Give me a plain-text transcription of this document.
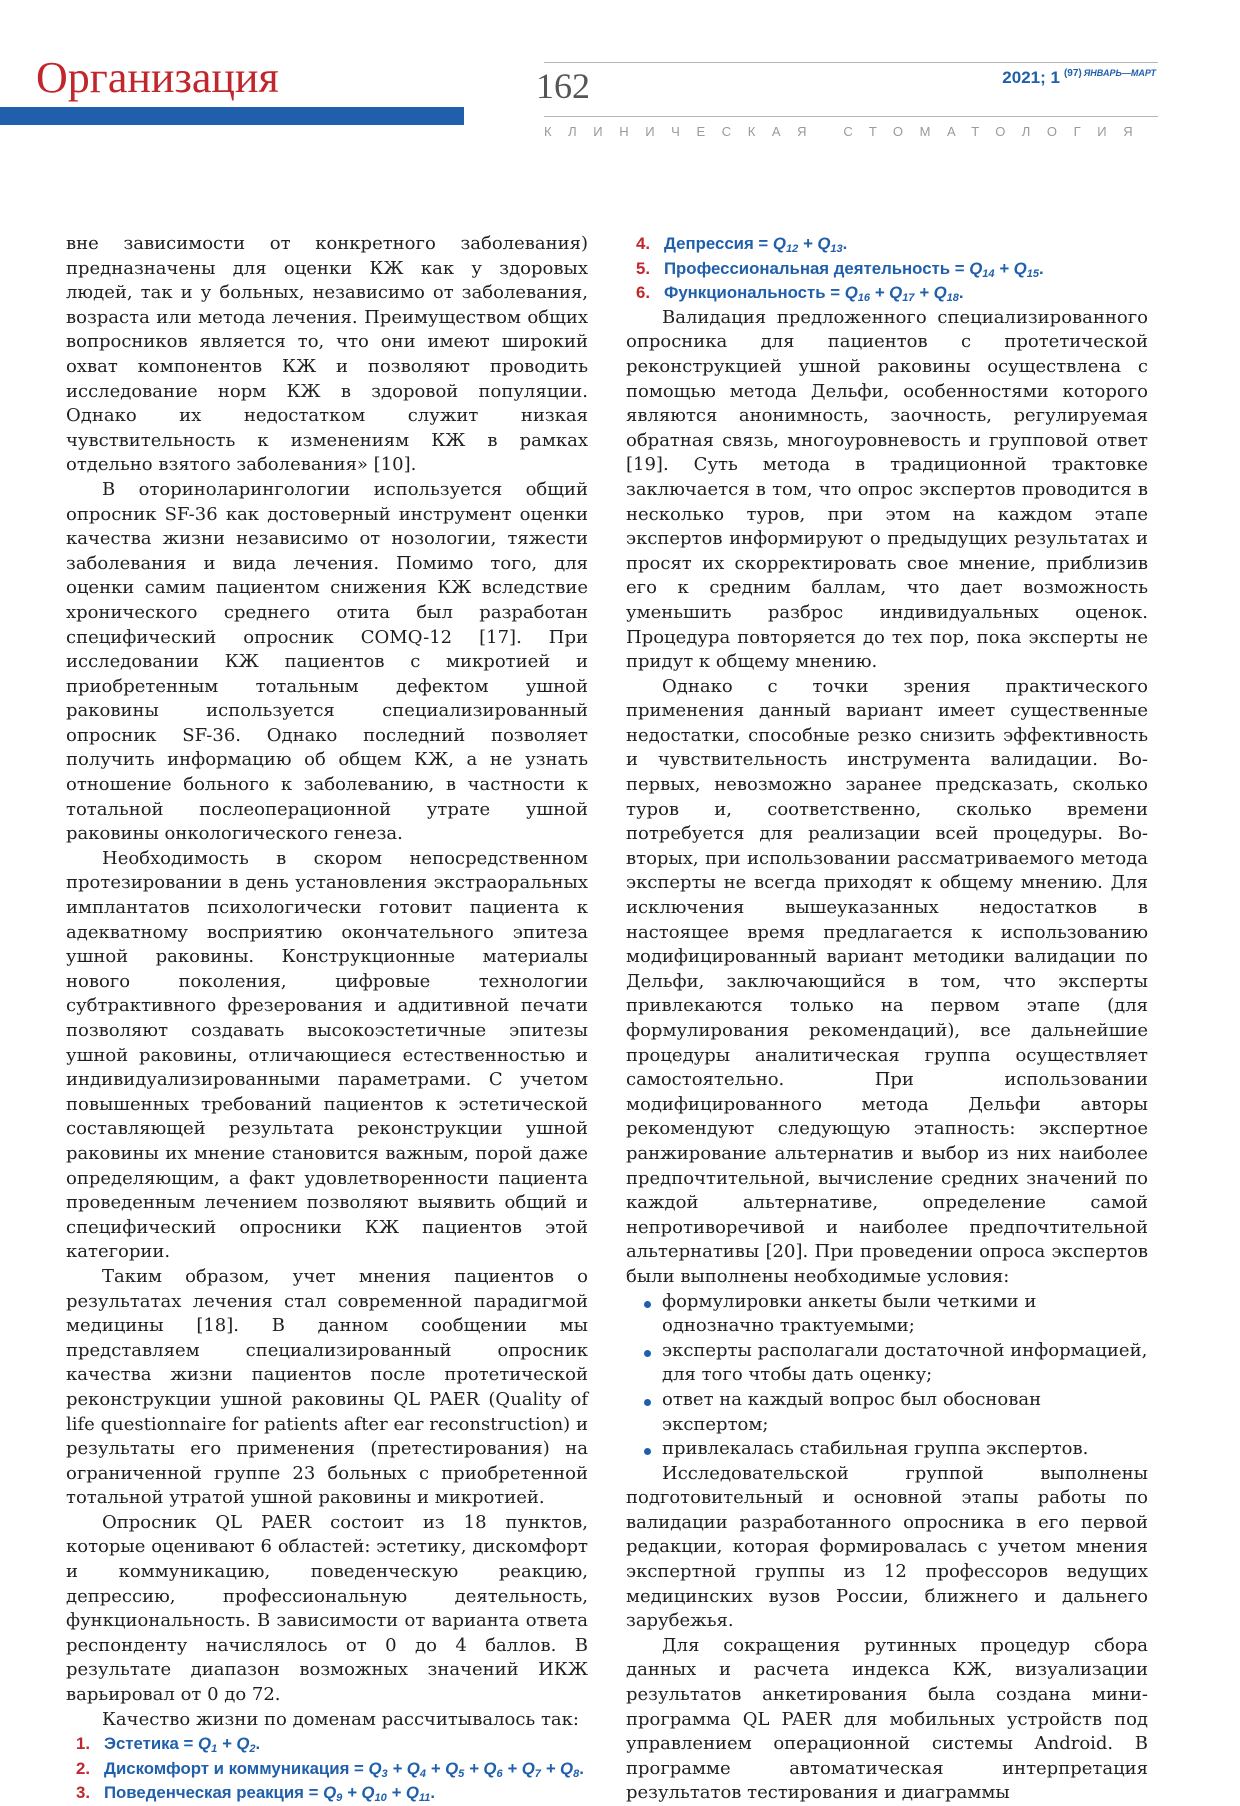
Организация	162	2021; 1 $^{(97)}$ $^{ЯНВАРЬ—МАРТ}$
КЛИНИЧЕСКАЯ СТОМАТОЛОГИЯ

вне зависимости от конкретного заболевания) предназначены для оценки КЖ как у здоровых людей, так и у больных, независимо от заболевания, возраста или метода лечения. Преимуществом общих вопросников является то, что они имеют широкий охват компонентов КЖ и позволяют проводить исследование норм КЖ в здоровой популяции. Однако их недостатком служит низкая чувствительность к изменениям КЖ в рамках отдельно взятого заболевания» [10].

В оториноларингологии используется общий опросник SF-36 как достоверный инструмент оценки качества жизни независимо от нозологии, тяжести заболевания и вида лечения. Помимо того, для оценки самим пациентом снижения КЖ вследствие хронического среднего отита был разработан специфический опросник COMQ-12 [17]. При исследовании КЖ пациентов с микротией и приобретенным тотальным дефектом ушной раковины используется специализированный опросник SF-36. Однако последний позволяет получить информацию об общем КЖ, а не узнать отношение больного к заболеванию, в частности к тотальной послеоперационной утрате ушной раковины онкологического генеза.

Необходимость в скором непосредственном протезировании в день установления экстраоральных имплантатов психологически готовит пациента к адекватному восприятию окончательного эпитеза ушной раковины. Конструкционные материалы нового поколения, цифровые технологии субтрактивного фрезерования и аддитивной печати позволяют создавать высокоэстетичные эпитезы ушной раковины, отличающиеся естественностью и индивидуализированными параметрами. С учетом повышенных требований пациентов к эстетической составляющей результата реконструкции ушной раковины их мнение становится важным, порой даже определяющим, а факт удовлетворенности пациента проведенным лечением позволяют выявить общий и специфический опросники КЖ пациентов этой категории.

Таким образом, учет мнения пациентов о результатах лечения стал современной парадигмой медицины [18]. В данном сообщении мы представляем специализированный опросник качества жизни пациентов после протетической реконструкции ушной раковины QL PAER (Quality of life questionnaire for patients after ear reconstruction) и результаты его применения (претестирования) на ограниченной группе 23 больных с приобретенной тотальной утратой ушной раковины и микротией.

Опросник QL PAER состоит из 18 пунктов, которые оценивают 6 областей: эстетику, дискомфорт и коммуникацию, поведенческую реакцию, депрессию, профессиональную деятельность, функциональность. В зависимости от варианта ответа респонденту начислялось от 0 до 4 баллов. В результате диапазон возможных значений ИКЖ варьировал от 0 до 72.

Качество жизни по доменам рассчитывалось так:

1. Эстетика = $Q_1 + Q_2$.
2. Дискомфорт и коммуникация = $Q_3 + Q_4 + Q_5 + Q_6 + Q_7 + Q_8$.
3. Поведенческая реакция = $Q_9 + Q_{10} + Q_{11}$.
4. Депрессия = $Q_{12} + Q_{13}$.
5. Профессиональная деятельность = $Q_{14} + Q_{15}$.
6. Функциональность = $Q_{16} + Q_{17} + Q_{18}$.

Валидация предложенного специализированного опросника для пациентов с протетической реконструкцией ушной раковины осуществлена с помощью метода Дельфи, особенностями которого являются анонимность, заочность, регулируемая обратная связь, многоуровневость и групповой ответ [19]. Суть метода в традиционной трактовке заключается в том, что опрос экспертов проводится в несколько туров, при этом на каждом этапе экспертов информируют о предыдущих результатах и просят их скорректировать свое мнение, приблизив его к средним баллам, что дает возможность уменьшить разброс индивидуальных оценок. Процедура повторяется до тех пор, пока эксперты не придут к общему мнению.

Однако с точки зрения практического применения данный вариант имеет существенные недостатки, способные резко снизить эффективность и чувствительность инструмента валидации. Во-первых, невозможно заранее предсказать, сколько туров и, соответственно, сколько времени потребуется для реализации всей процедуры. Во-вторых, при использовании рассматриваемого метода эксперты не всегда приходят к общему мнению. Для исключения вышеуказанных недостатков в настоящее время предлагается к использованию модифицированный вариант методики валидации по Дельфи, заключающийся в том, что эксперты привлекаются только на первом этапе (для формулирования рекомендаций), все дальнейшие процедуры аналитическая группа осуществляет самостоятельно. При использовании модифицированного метода Дельфи авторы рекомендуют следующую этапность: экспертное ранжирование альтернатив и выбор из них наиболее предпочтительной, вычисление средних значений по каждой альтернативе, определение самой непротиворечивой и наиболее предпочтительной альтернативы [20]. При проведении опроса экспертов были выполнены необходимые условия:

формулировки анкеты были четкими и однозначно трактуемыми;
эксперты располагали достаточной информацией, для того чтобы дать оценку;
ответ на каждый вопрос был обоснован экспертом;
привлекалась стабильная группа экспертов.

Исследовательской группой выполнены подготовительный и основной этапы работы по валидации разработанного опросника в его первой редакции, которая формировалась с учетом мнения экспертной группы из 12 профессоров ведущих медицинских вузов России, ближнего и дальнего зарубежья.

Для сокращения рутинных процедур сбора данных и расчета индекса КЖ, визуализации результатов анкетирования была создана мини-программа QL PAER для мобильных устройств под управлением операционной системы Android. В программе автоматическая интерпретация результатов тестирования и диаграммы
